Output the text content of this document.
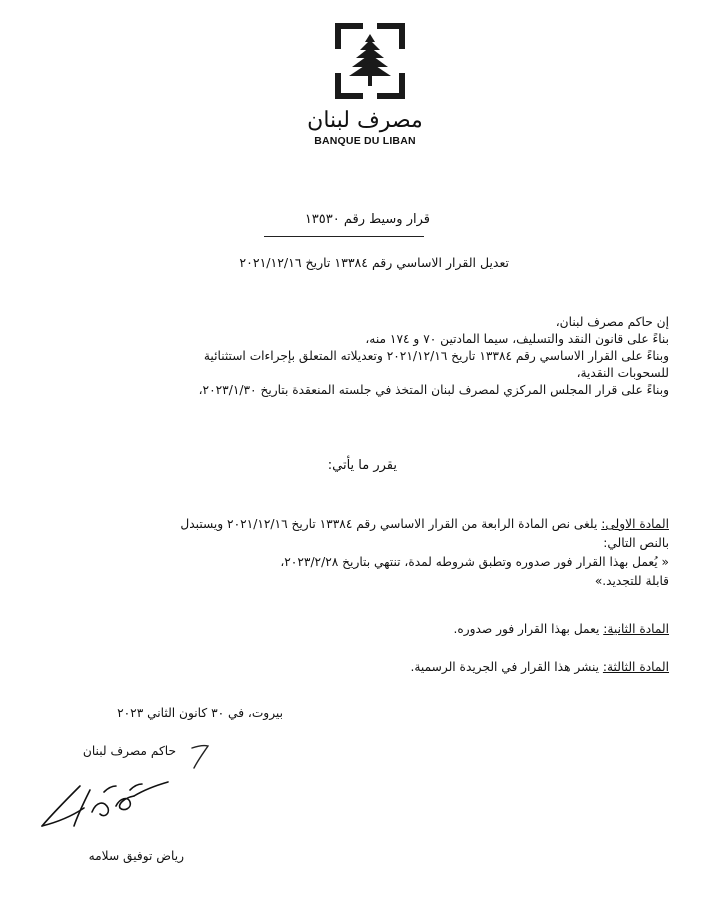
مصرف لبنان
BANQUE DU LIBAN
قرار وسيط رقم ١٣٥٣٠
تعديل القرار الاساسي رقم ١٣٣٨٤ تاريخ ٢٠٢١/١٢/١٦
إن حاكم مصرف لبنان،
بناءً على قانون النقد والتسليف، سيما المادتين ٧٠ و ١٧٤ منه،
وبناءً على القرار الاساسي رقم ١٣٣٨٤ تاريخ ٢٠٢١/١٢/١٦ وتعديلاته المتعلق بإجراءات استثنائية
للسحوبات النقدية،
وبناءً على قرار المجلس المركزي لمصرف لبنان المتخذ في جلسته المنعقدة بتاريخ ٢٠٢٣/١/٣٠،
يقرر ما يأتي:
المادة الاولى: يلغى نص المادة الرابعة من القرار الاساسي رقم ١٣٣٨٤ تاريخ ٢٠٢١/١٢/١٦ ويستبدل
بالنص التالي:
« يُعمل بهذا القرار فور صدوره وتطبق شروطه لمدة، تنتهي بتاريخ ٢٠٢٣/٢/٢٨،
قابلة للتجديد.»
المادة الثانية: يعمل بهذا القرار فور صدوره.
المادة الثالثة: ينشر هذا القرار في الجريدة الرسمية.
بيروت، في ٣٠ كانون الثاني ٢٠٢٣
حاكم مصرف لبنان
رياض توفيق سلامه
